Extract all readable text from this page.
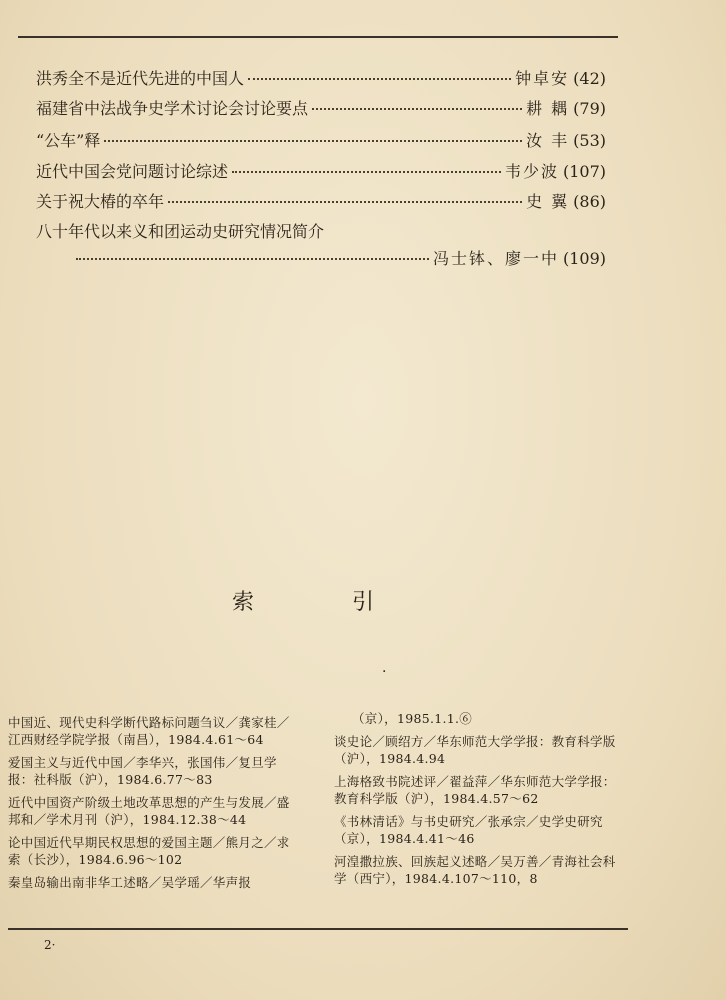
洪秀全不是近代先进的中国人	钟卓安 (42)
福建省中法战争史学术讨论会讨论要点	耕 耦 (79)
“公车”释	汝 丰 (53)
近代中国会党问题讨论综述	韦少波 (107)
关于祝大椿的卒年	史 翼 (86)
八十年代以来义和团运动史研究情况简介
冯士钵、廖一中 (109)
索	引
·
中国近、现代史科学断代路标问题刍议／龚家桂／江西财经学院学报（南昌），1984.4.61～64
爱国主义与近代中国／李华兴，张国伟／复旦学报：社科版（沪），1984.6.77～83
近代中国资产阶级土地改革思想的产生与发展／盛邦和／学术月刊（沪），1984.12.38～44
论中国近代早期民权思想的爱国主题／熊月之／求索（长沙），1984.6.96～102
秦皇岛输出南非华工述略／吴学瑶／华声报
（京），1985.1.1.⑥
谈史论／顾绍方／华东师范大学学报：教育科学版（沪），1984.4.94
上海格致书院述评／翟益萍／华东师范大学学报：教育科学版（沪），1984.4.57～62
《书林清话》与书史研究／张承宗／史学史研究（京），1984.4.41～46
河湟撒拉族、回族起义述略／吴万善／青海社会科学（西宁），1984.4.107～110，8
2·
